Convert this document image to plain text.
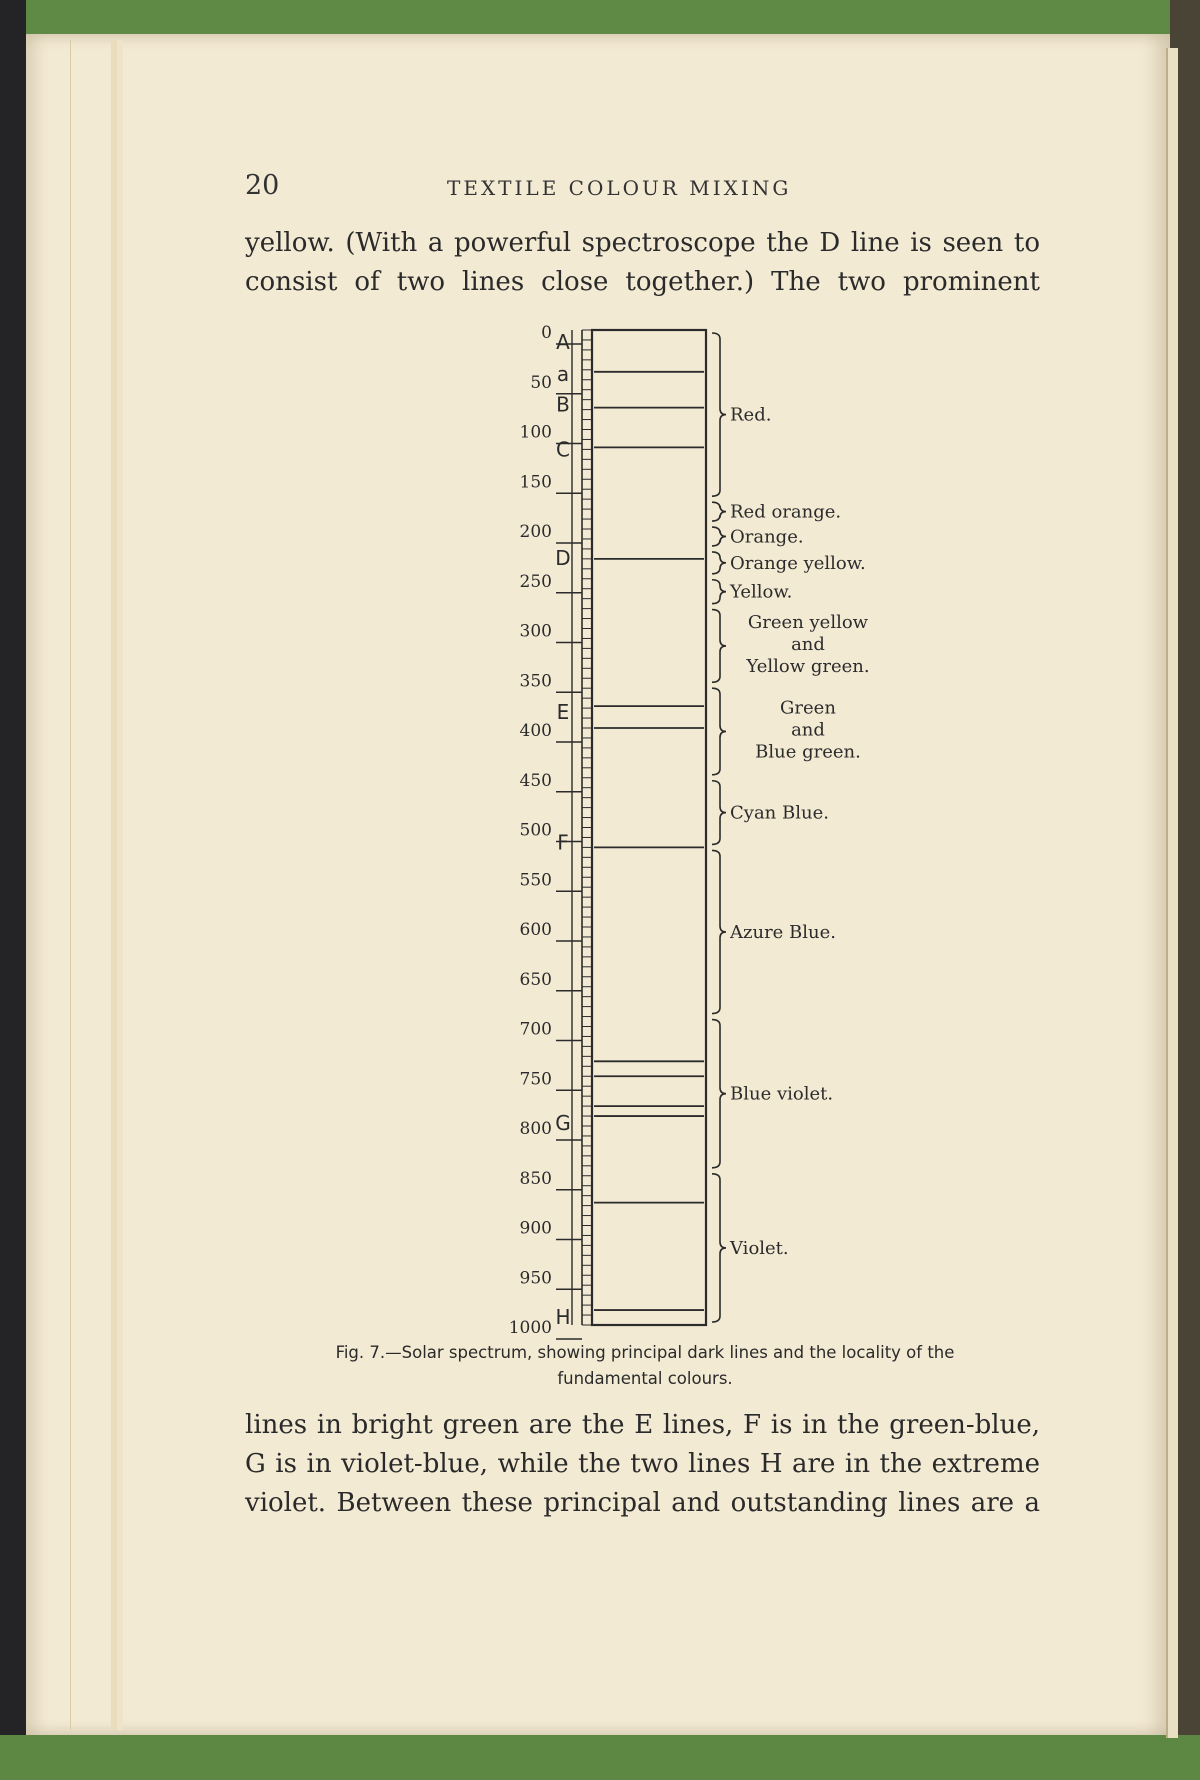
20	TEXTILE COLOUR MIXING
yellow. (With a powerful spectroscope the D line is seen to
consist of two lines close together.) The two prominent
0
50
100
150
200
250
300
350
400
450
500
550
600
650
700
750
800
850
900
950
1000
A
a
B
C
D
E
F
G
H
Red.
Red orange.
Orange.
Orange yellow.
Yellow.
Green yellow
and
Yellow green.
Green
and
Blue green.
Cyan Blue.
Azure Blue.
Blue violet.
Violet.
Fig. 7.—Solar spectrum, showing principal dark lines and the locality of the
fundamental colours.
lines in bright green are the E lines, F is in the green-blue,
G is in violet-blue, while the two lines H are in the extreme
violet. Between these principal and outstanding lines are a
